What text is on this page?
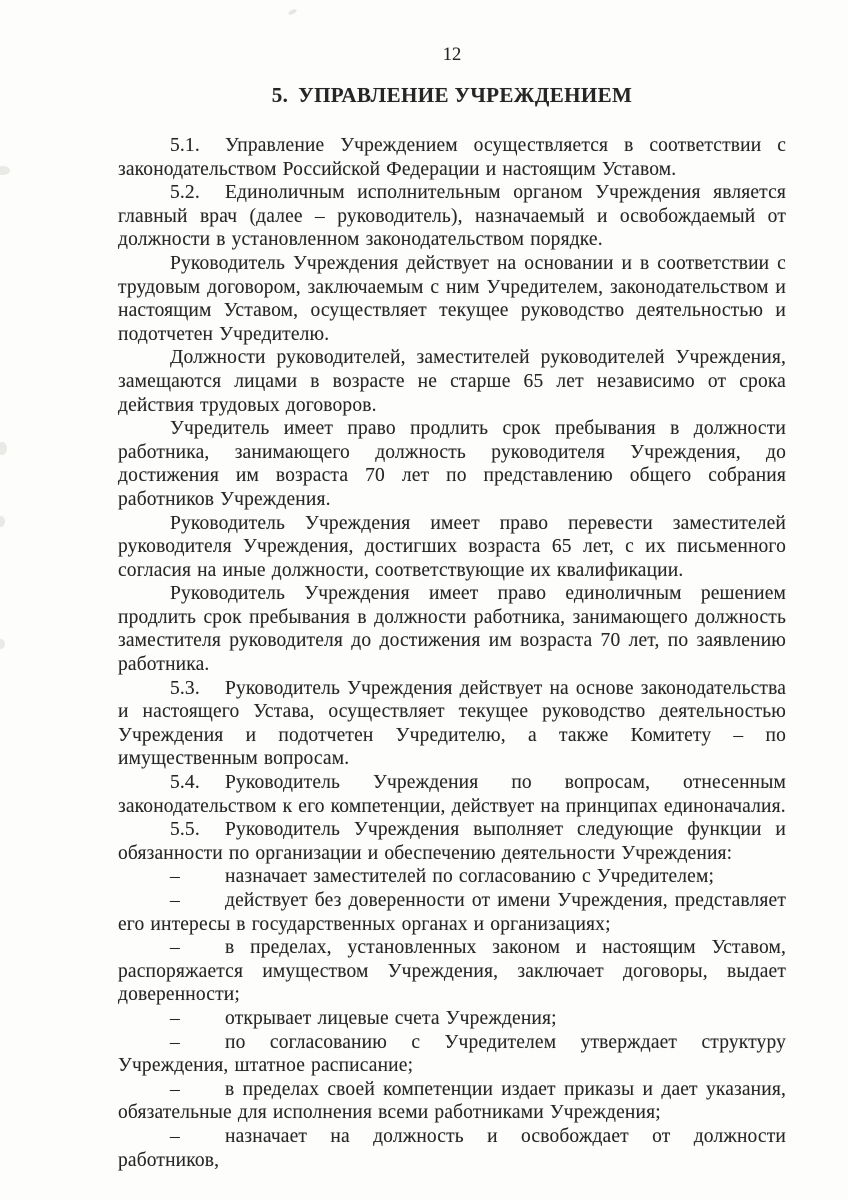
12
5. УПРАВЛЕНИЕ УЧРЕЖДЕНИЕМ

5.1. Управление Учреждением осуществляется в соответствии с законодательством Российской Федерации и настоящим Уставом.

5.2. Единоличным исполнительным органом Учреждения является главный врач (далее – руководитель), назначаемый и освобождаемый от должности в установленном законодательством порядке.

Руководитель Учреждения действует на основании и в соответствии с трудовым договором, заключаемым с ним Учредителем, законодательством и настоящим Уставом, осуществляет текущее руководство деятельностью и подотчетен Учредителю.

Должности руководителей, заместителей руководителей Учреждения, замещаются лицами в возрасте не старше 65 лет независимо от срока действия трудовых договоров.

Учредитель имеет право продлить срок пребывания в должности работника, занимающего должность руководителя Учреждения, до достижения им возраста 70 лет по представлению общего собрания работников Учреждения.

Руководитель Учреждения имеет право перевести заместителей руководителя Учреждения, достигших возраста 65 лет, с их письменного согласия на иные должности, соответствующие их квалификации.

Руководитель Учреждения имеет право единоличным решением продлить срок пребывания в должности работника, занимающего должность заместителя руководителя до достижения им возраста 70 лет, по заявлению работника.

5.3. Руководитель Учреждения действует на основе законодательства и настоящего Устава, осуществляет текущее руководство деятельностью Учреждения и подотчетен Учредителю, а также Комитету – по имущественным вопросам.

5.4. Руководитель Учреждения по вопросам, отнесенным законодательством к его компетенции, действует на принципах единоначалия.

5.5. Руководитель Учреждения выполняет следующие функции и обязанности по организации и обеспечению деятельности Учреждения:

– назначает заместителей по согласованию с Учредителем;

– действует без доверенности от имени Учреждения, представляет его интересы в государственных органах и организациях;

– в пределах, установленных законом и настоящим Уставом, распоряжается имуществом Учреждения, заключает договоры, выдает доверенности;

– открывает лицевые счета Учреждения;

– по согласованию с Учредителем утверждает структуру Учреждения, штатное расписание;

– в пределах своей компетенции издает приказы и дает указания, обязательные для исполнения всеми работниками Учреждения;

– назначает на должность и освобождает от должности работников,
